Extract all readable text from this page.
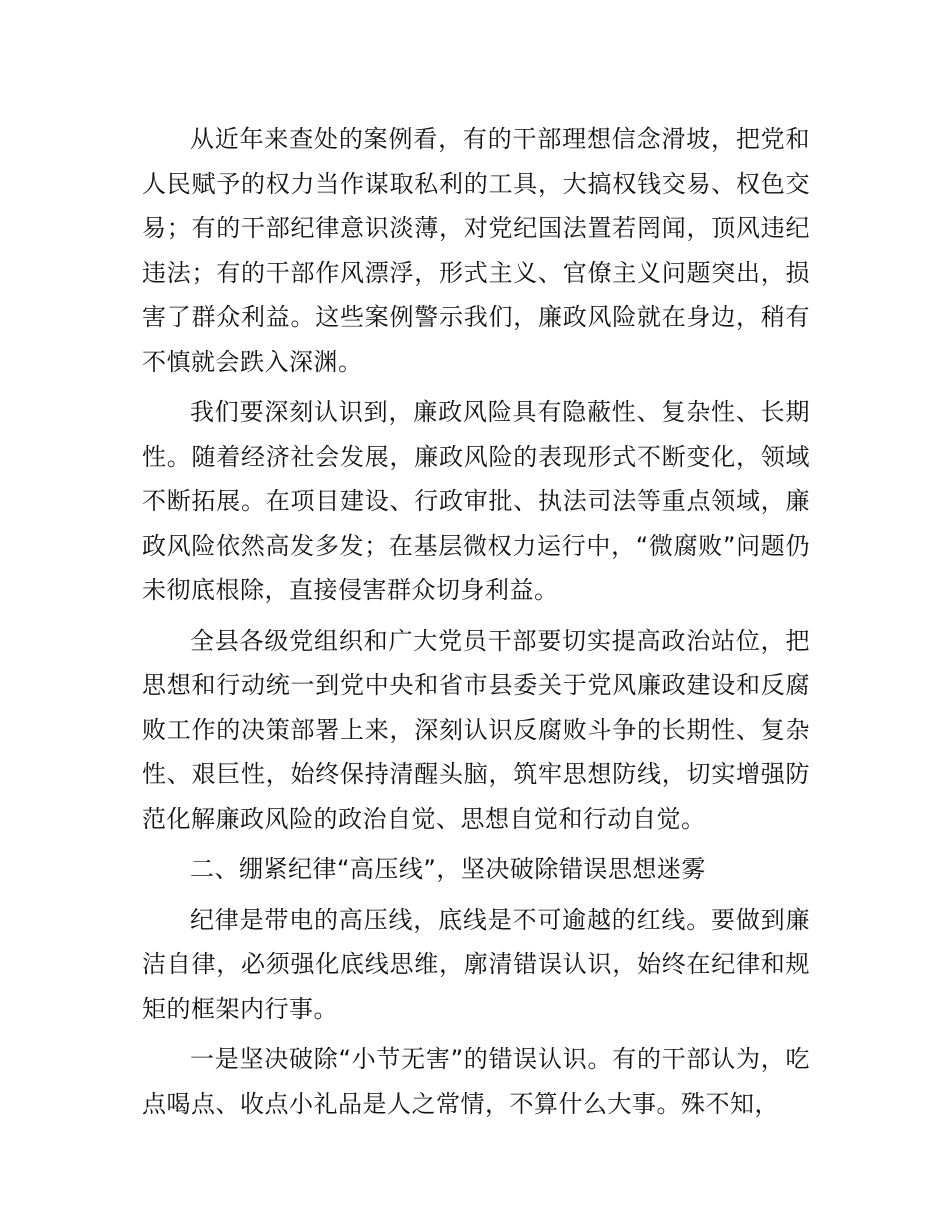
从近年来查处的案例看，有的干部理想信念滑坡，把党和人民赋予的权力当作谋取私利的工具，大搞权钱交易、权色交易；有的干部纪律意识淡薄，对党纪国法置若罔闻，顶风违纪违法；有的干部作风漂浮，形式主义、官僚主义问题突出，损害了群众利益。这些案例警示我们，廉政风险就在身边，稍有不慎就会跌入深渊。

我们要深刻认识到，廉政风险具有隐蔽性、复杂性、长期性。随着经济社会发展，廉政风险的表现形式不断变化，领域不断拓展。在项目建设、行政审批、执法司法等重点领域，廉政风险依然高发多发；在基层微权力运行中，“微腐败”问题仍未彻底根除，直接侵害群众切身利益。

全县各级党组织和广大党员干部要切实提高政治站位，把思想和行动统一到党中央和省市县委关于党风廉政建设和反腐败工作的决策部署上来，深刻认识反腐败斗争的长期性、复杂性、艰巨性，始终保持清醒头脑，筑牢思想防线，切实增强防范化解廉政风险的政治自觉、思想自觉和行动自觉。

二、绷紧纪律“高压线”，坚决破除错误思想迷雾

纪律是带电的高压线，底线是不可逾越的红线。要做到廉洁自律，必须强化底线思维，廓清错误认识，始终在纪律和规矩的框架内行事。

一是坚决破除“小节无害”的错误认识。有的干部认为，吃点喝点、收点小礼品是人之常情，不算什么大事。殊不知，
